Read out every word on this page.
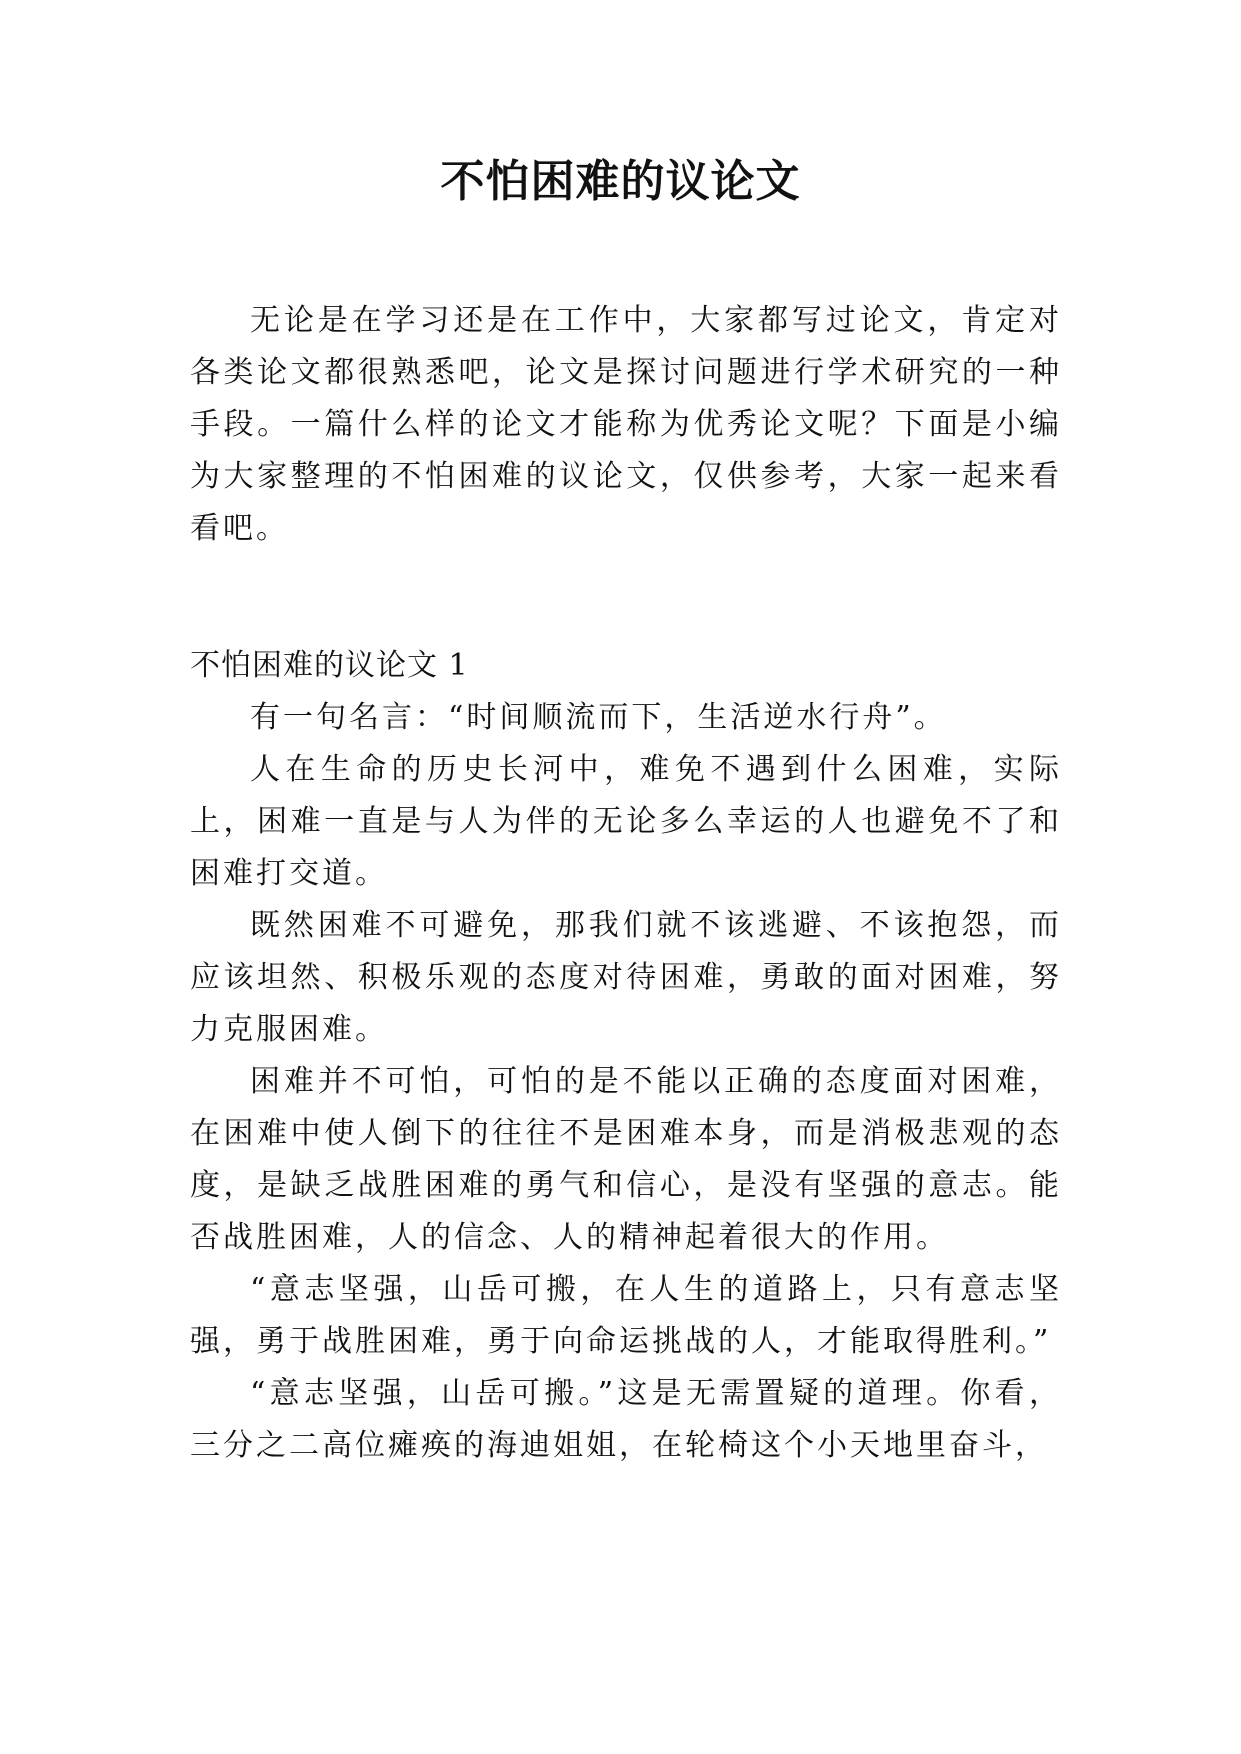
不怕困难的议论文

无论是在学习还是在工作中，大家都写过论文，肯定对各类论文都很熟悉吧，论文是探讨问题进行学术研究的一种手段。一篇什么样的论文才能称为优秀论文呢？下面是小编为大家整理的不怕困难的议论文，仅供参考，大家一起来看看吧。

不怕困难的议论文 1

有一句名言：“时间顺流而下，生活逆水行舟”。

人在生命的历史长河中，难免不遇到什么困难，实际上，困难一直是与人为伴的无论多么幸运的人也避免不了和困难打交道。

既然困难不可避免，那我们就不该逃避、不该抱怨，而应该坦然、积极乐观的态度对待困难，勇敢的面对困难，努力克服困难。

困难并不可怕，可怕的是不能以正确的态度面对困难，在困难中使人倒下的往往不是困难本身，而是消极悲观的态度，是缺乏战胜困难的勇气和信心，是没有坚强的意志。能否战胜困难，人的信念、人的精神起着很大的作用。

“意志坚强，山岳可搬，在人生的道路上，只有意志坚强，勇于战胜困难，勇于向命运挑战的人，才能取得胜利。”

“意志坚强，山岳可搬。”这是无需置疑的道理。你看，三分之二高位瘫痪的海迪姐姐，在轮椅这个小天地里奋斗，
